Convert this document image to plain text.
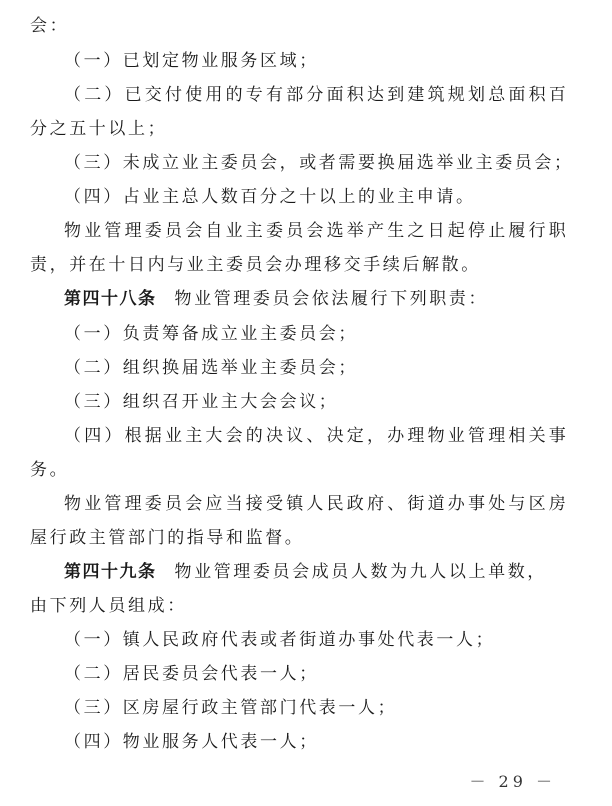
会：
（一）已划定物业服务区域；
（二）已交付使用的专有部分面积达到建筑规划总面积百
分之五十以上；
（三）未成立业主委员会，或者需要换届选举业主委员会；
（四）占业主总人数百分之十以上的业主申请。
物业管理委员会自业主委员会选举产生之日起停止履行职
责，并在十日内与业主委员会办理移交手续后解散。
第四十八条 物业管理委员会依法履行下列职责：
（一）负责筹备成立业主委员会；
（二）组织换届选举业主委员会；
（三）组织召开业主大会会议；
（四）根据业主大会的决议、决定，办理物业管理相关事
务。
物业管理委员会应当接受镇人民政府、街道办事处与区房
屋行政主管部门的指导和监督。
第四十九条 物业管理委员会成员人数为九人以上单数，
由下列人员组成：
（一）镇人民政府代表或者街道办事处代表一人；
（二）居民委员会代表一人；
（三）区房屋行政主管部门代表一人；
（四）物业服务人代表一人；
－ 29 －
